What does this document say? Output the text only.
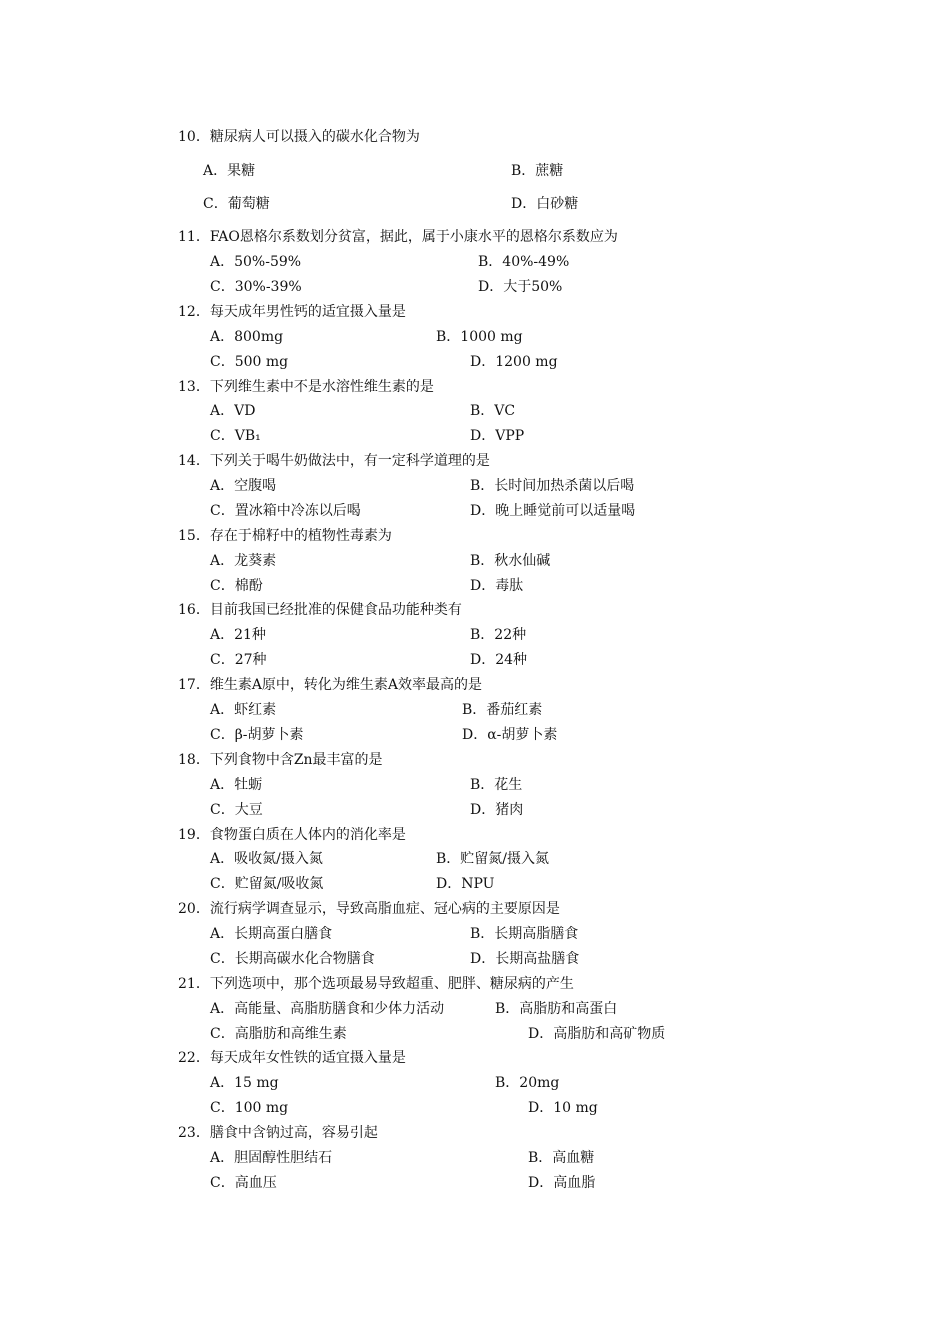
10．糖尿病人可以摄入的碳水化合物为
A．果糖	B．蔗糖
C．葡萄糖	D．白砂糖
11．FAO恩格尔系数划分贫富，据此，属于小康水平的恩格尔系数应为
A．50%-59%	B．40%-49%
C．30%-39%	D．大于50%
12．每天成年男性钙的适宜摄入量是
A．800mg	B．1000 mg
C．500 mg	D．1200 mg
13．下列维生素中不是水溶性维生素的是
A．VD	B．VC
C．VB₁	D．VPP
14．下列关于喝牛奶做法中，有一定科学道理的是
A．空腹喝	B．长时间加热杀菌以后喝
C．置冰箱中冷冻以后喝	D．晚上睡觉前可以适量喝
15．存在于棉籽中的植物性毒素为
A．龙葵素	B．秋水仙碱
C．棉酚	D．毒肽
16．目前我国已经批准的保健食品功能种类有
A．21种	B．22种
C．27种	D．24种
17．维生素A原中，转化为维生素A效率最高的是
A．虾红素	B．番茄红素
C．β-胡萝卜素	D．α-胡萝卜素
18．下列食物中含Zn最丰富的是
A．牡蛎	B．花生
C．大豆	D．猪肉
19．食物蛋白质在人体内的消化率是
A．吸收氮/摄入氮	B．贮留氮/摄入氮
C．贮留氮/吸收氮	D．NPU
20．流行病学调查显示，导致高脂血症、冠心病的主要原因是
A．长期高蛋白膳食	B．长期高脂膳食
C．长期高碳水化合物膳食	D．长期高盐膳食
21．下列选项中，那个选项最易导致超重、肥胖、糖尿病的产生
A．高能量、高脂肪膳食和少体力活动	B．高脂肪和高蛋白
C．高脂肪和高维生素	D．高脂肪和高矿物质
22．每天成年女性铁的适宜摄入量是
A．15 mg	B．20mg
C．100 mg	D．10 mg
23．膳食中含钠过高，容易引起
A．胆固醇性胆结石	B．高血糖
C．高血压	D．高血脂
